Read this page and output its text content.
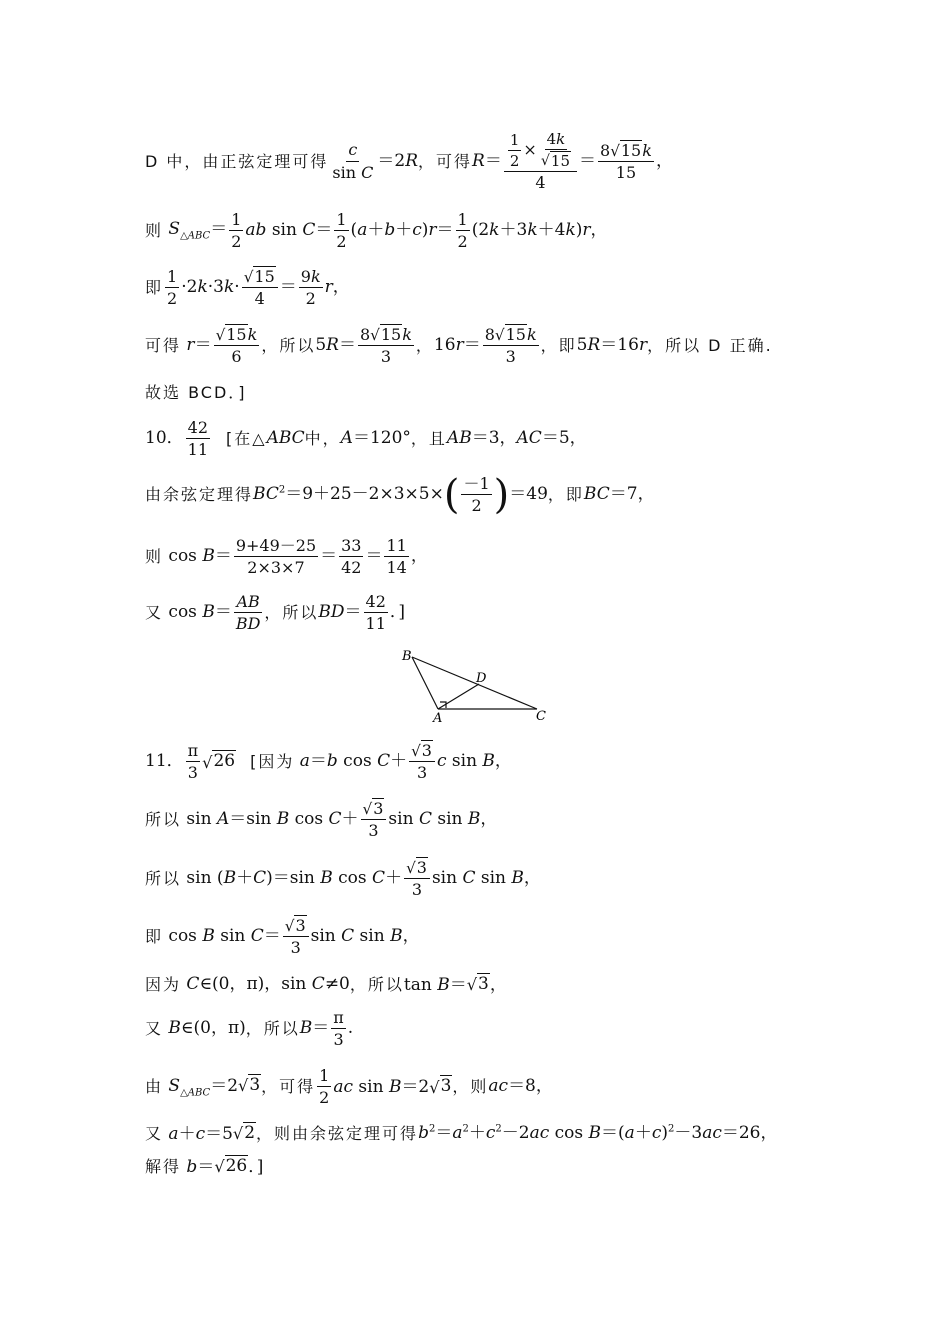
D 中，由正弦定理可得 $\frac{c}{\text{sin C}} =2R$ ，可得 $R= \frac{\frac{1}{2} \times \frac{4k}{√ 15}}{4} = \frac{8 √ 15 k}{15}$ ，
则 $S_{\triangle ABC}= \frac{1}{2}$ ab $\sin C= \frac{1}{2} (a+b+c)r= \frac{1}{2} (2k+3k+4k)r$，
即 $\frac{1}{2} \cdot 2k\cdot 3k\cdot \frac{√ 15}{4} = \frac{9k}{2}$ r，
可得 $r= \frac{√ 15 k}{6}$ ，所以 $5R= \frac{8 √ 15 k}{3}$ ， $16r= \frac{8 √ 15 k}{3}$ ，即 5R＝16r ，所以 D 正确.
故选 BCD．]
10． $\frac{42}{11}$ [在△ ABC 中， A＝120° ，且 AB＝3，AC＝5，
由余弦定理得 $BC^2=9+25-2\times 3\times 5\times$ ( $\frac{-1}{2}$ ) ＝49 ，即 BC＝7，
则 $\cos B= \frac{9+49-25}{2\times 3\times 7} = \frac{33}{42} = \frac{11}{14}$ ，
又 $\cos B= \frac{AB}{BD}$ ，所以 $BD= \frac{42}{11}$ ．]
B
D
A	C
11． $\frac{\pi}{3}$ √ 26 [因为 a＝b $\cos C+ \frac{√ 3}{3}$ c sin B，
所以 sin A＝sin B $\cos C+ \frac{√ 3}{3}$ sin C sin B，
所以 sin (B＋C)＝sin B $\cos C+ \frac{√ 3}{3}$ sin C sin B，
即 cos B $\sin C= \frac{√ 3}{3}$ sin C sin B，
因为 C∈(0，π)，sin C≠0 ，所以 tan B＝ √ 3 ，
又 B∈(0，π) ，所以 $B= \frac{\pi}{3}$ .
由 $S_{\triangle ABC}=2$ √ 3 ，可得 $\frac{1}{2}$ ac sin B＝2 √ 3 ，则 ac＝8，
又 a＋c＝5 √ 2 ，则由余弦定理可得 $b^2=a^2+c^2-2ac$ $\cos B=(a+c)^2-3ac=26$，
解得 b＝ √ 26 ．]
